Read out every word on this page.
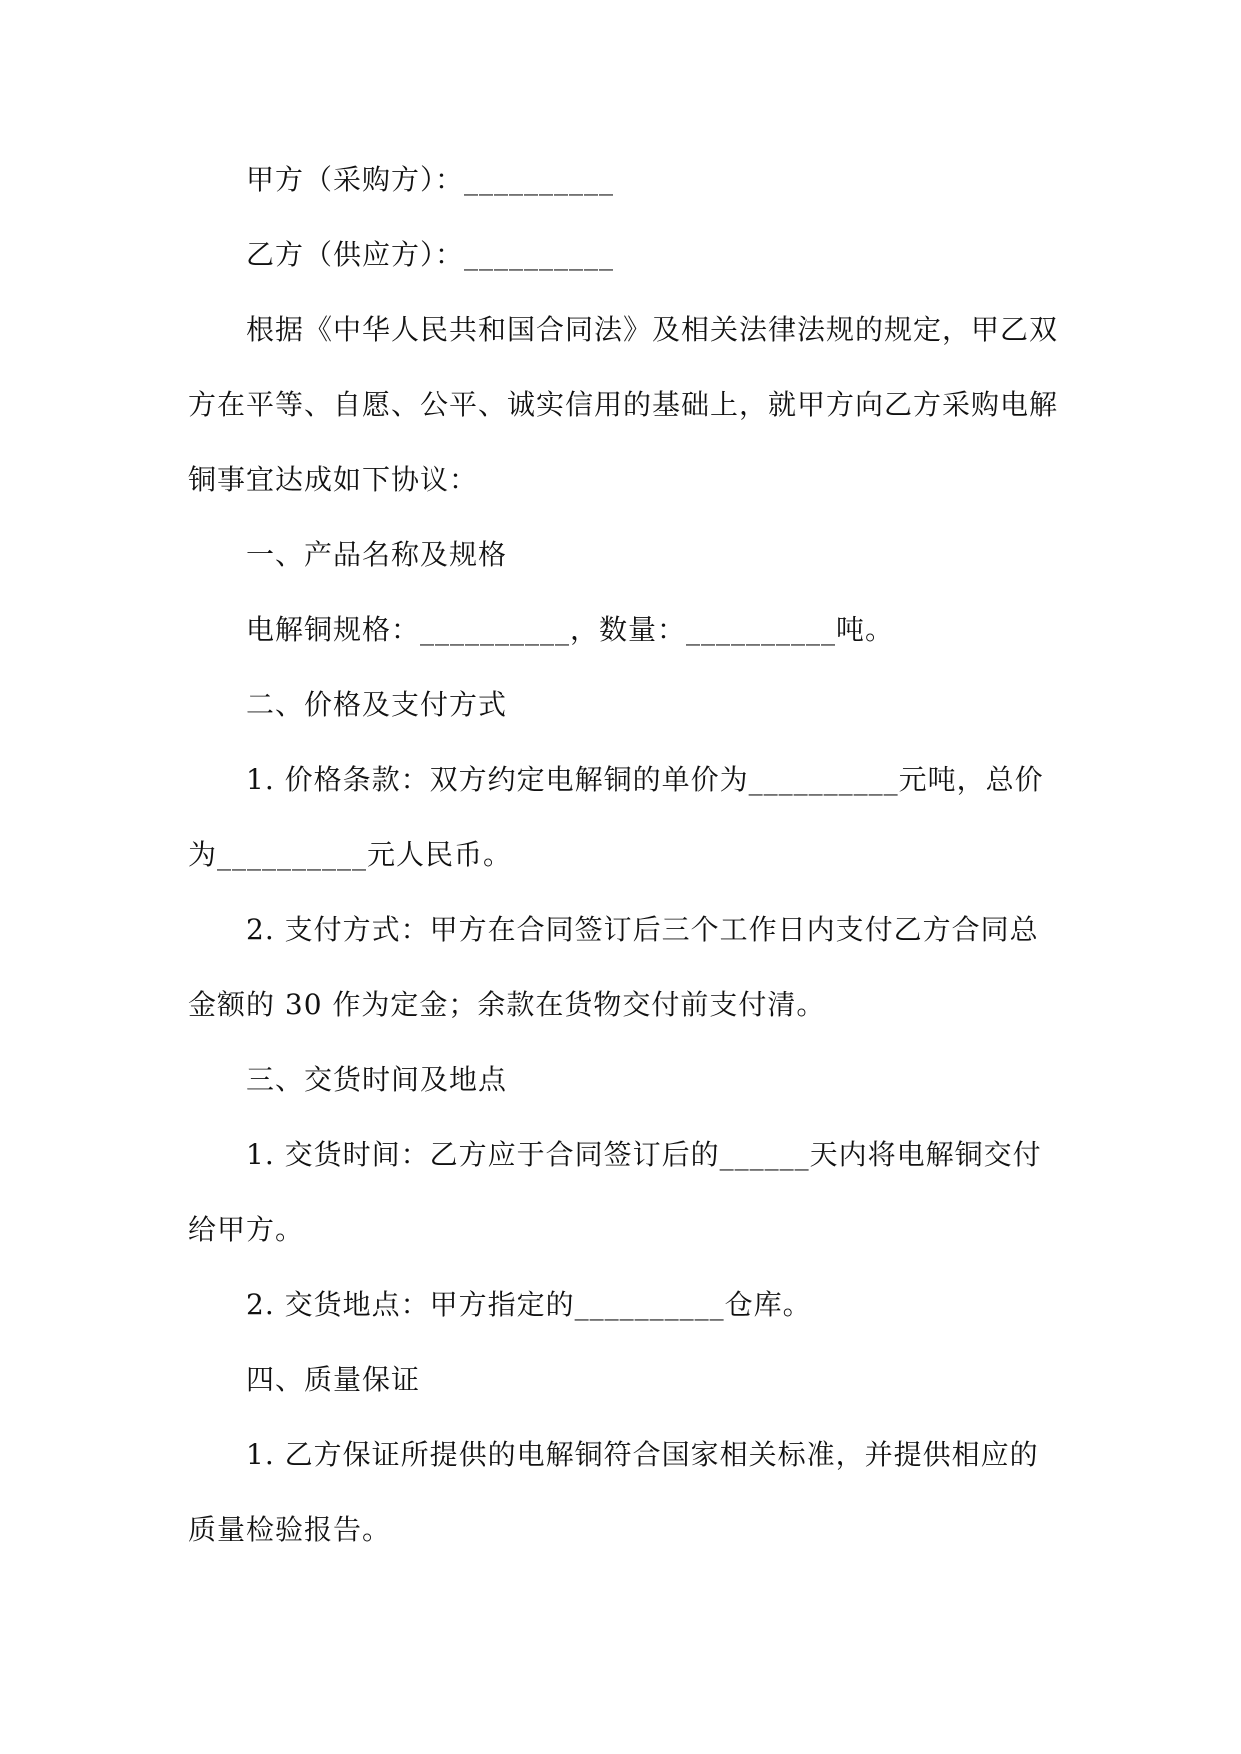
甲方（采购方）：__________

乙方（供应方）：__________

根据《中华人民共和国合同法》及相关法律法规的规定，甲乙双方在平等、自愿、公平、诚实信用的基础上，就甲方向乙方采购电解铜事宜达成如下协议：

一、产品名称及规格

电解铜规格：__________，数量：__________吨。

二、价格及支付方式

1. 价格条款：双方约定电解铜的单价为__________元吨，总价为__________元人民币。

2. 支付方式：甲方在合同签订后三个工作日内支付乙方合同总金额的 30 作为定金；余款在货物交付前支付清。

三、交货时间及地点

1. 交货时间：乙方应于合同签订后的______天内将电解铜交付给甲方。

2. 交货地点：甲方指定的__________仓库。

四、质量保证

1. 乙方保证所提供的电解铜符合国家相关标准，并提供相应的质量检验报告。
